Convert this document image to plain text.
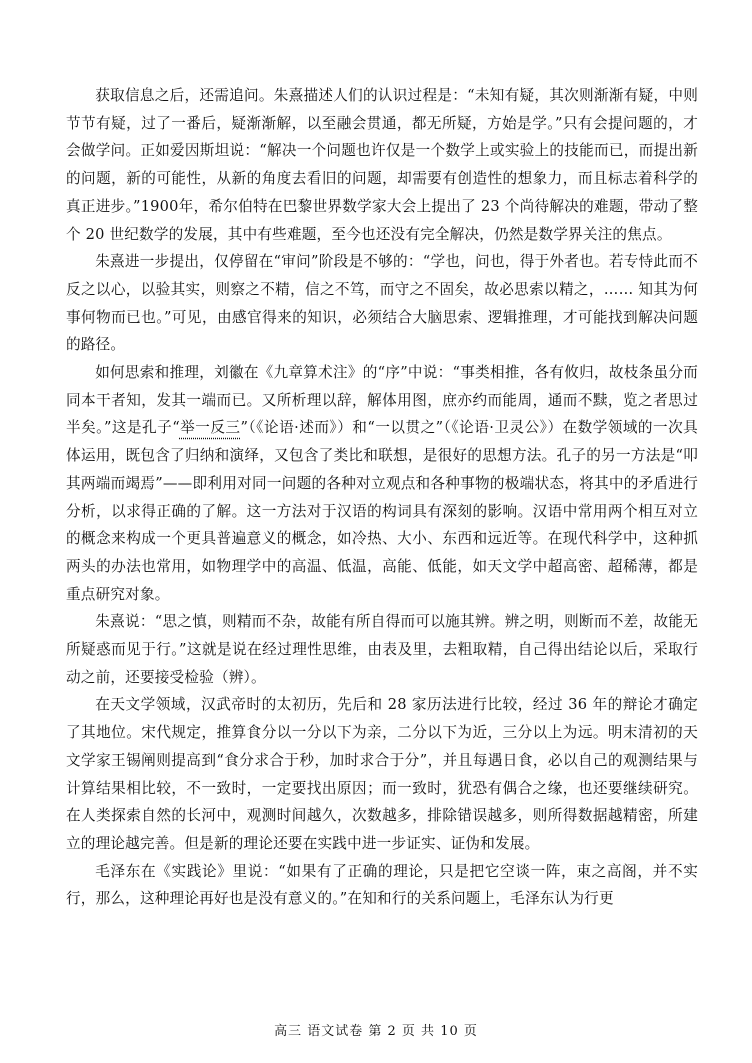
获取信息之后，还需追问。朱熹描述人们的认识过程是：“未知有疑，其次则渐渐有疑，中则节节有疑，过了一番后，疑渐渐解，以至融会贯通，都无所疑，方始是学。”只有会提问题的，才会做学问。正如爱因斯坦说：“解决一个问题也许仅是一个数学上或实验上的技能而已，而提出新的问题，新的可能性，从新的角度去看旧的问题，却需要有创造性的想象力，而且标志着科学的真正进步。”1900年，希尔伯特在巴黎世界数学家大会上提出了 23 个尚待解决的难题，带动了整个 20 世纪数学的发展，其中有些难题，至今也还没有完全解决，仍然是数学界关注的焦点。

朱熹进一步提出，仅停留在“审问”阶段是不够的：“学也，问也，得于外者也。若专恃此而不反之以心，以验其实，则察之不精，信之不笃，而守之不固矣，故必思索以精之，…… 知其为何事何物而已也。”可见，由感官得来的知识，必须结合大脑思索、逻辑推理，才可能找到解决问题的路径。

如何思索和推理，刘徽在《九章算术注》的“序”中说：“事类相推，各有攸归，故枝条虽分而同本干者知，发其一端而已。又所析理以辞，解体用图，庶亦约而能周，通而不黩，览之者思过半矣。”这是孔子“举一反三”（《论语·述而》）和“一以贯之”（《论语·卫灵公》）在数学领域的一次具体运用，既包含了归纳和演绎，又包含了类比和联想，是很好的思想方法。孔子的另一方法是“叩其两端而竭焉”——即利用对同一问题的各种对立观点和各种事物的极端状态，将其中的矛盾进行分析，以求得正确的了解。这一方法对于汉语的构词具有深刻的影响。汉语中常用两个相互对立的概念来构成一个更具普遍意义的概念，如冷热、大小、东西和远近等。在现代科学中，这种抓两头的办法也常用，如物理学中的高温、低温，高能、低能，如天文学中超高密、超稀薄，都是重点研究对象。

朱熹说：“思之慎，则精而不杂，故能有所自得而可以施其辨。辨之明，则断而不差，故能无所疑惑而见于行。”这就是说在经过理性思维，由表及里，去粗取精，自己得出结论以后，采取行动之前，还要接受检验（辨）。

在天文学领域，汉武帝时的太初历，先后和 28 家历法进行比较，经过 36 年的辩论才确定了其地位。宋代规定，推算食分以一分以下为亲，二分以下为近，三分以上为远。明末清初的天文学家王锡阐则提高到“食分求合于秒，加时求合于分”，并且每遇日食，必以自己的观测结果与计算结果相比较，不一致时，一定要找出原因；而一致时，犹恐有偶合之缘，也还要继续研究。在人类探索自然的长河中，观测时间越久，次数越多，排除错误越多，则所得数据越精密，所建立的理论越完善。但是新的理论还要在实践中进一步证实、证伪和发展。

毛泽东在《实践论》里说：“如果有了正确的理论，只是把它空谈一阵，束之高阁，并不实行，那么，这种理论再好也是没有意义的。”在知和行的关系问题上，毛泽东认为行更

高三 语文试卷 第 2 页 共 10 页
